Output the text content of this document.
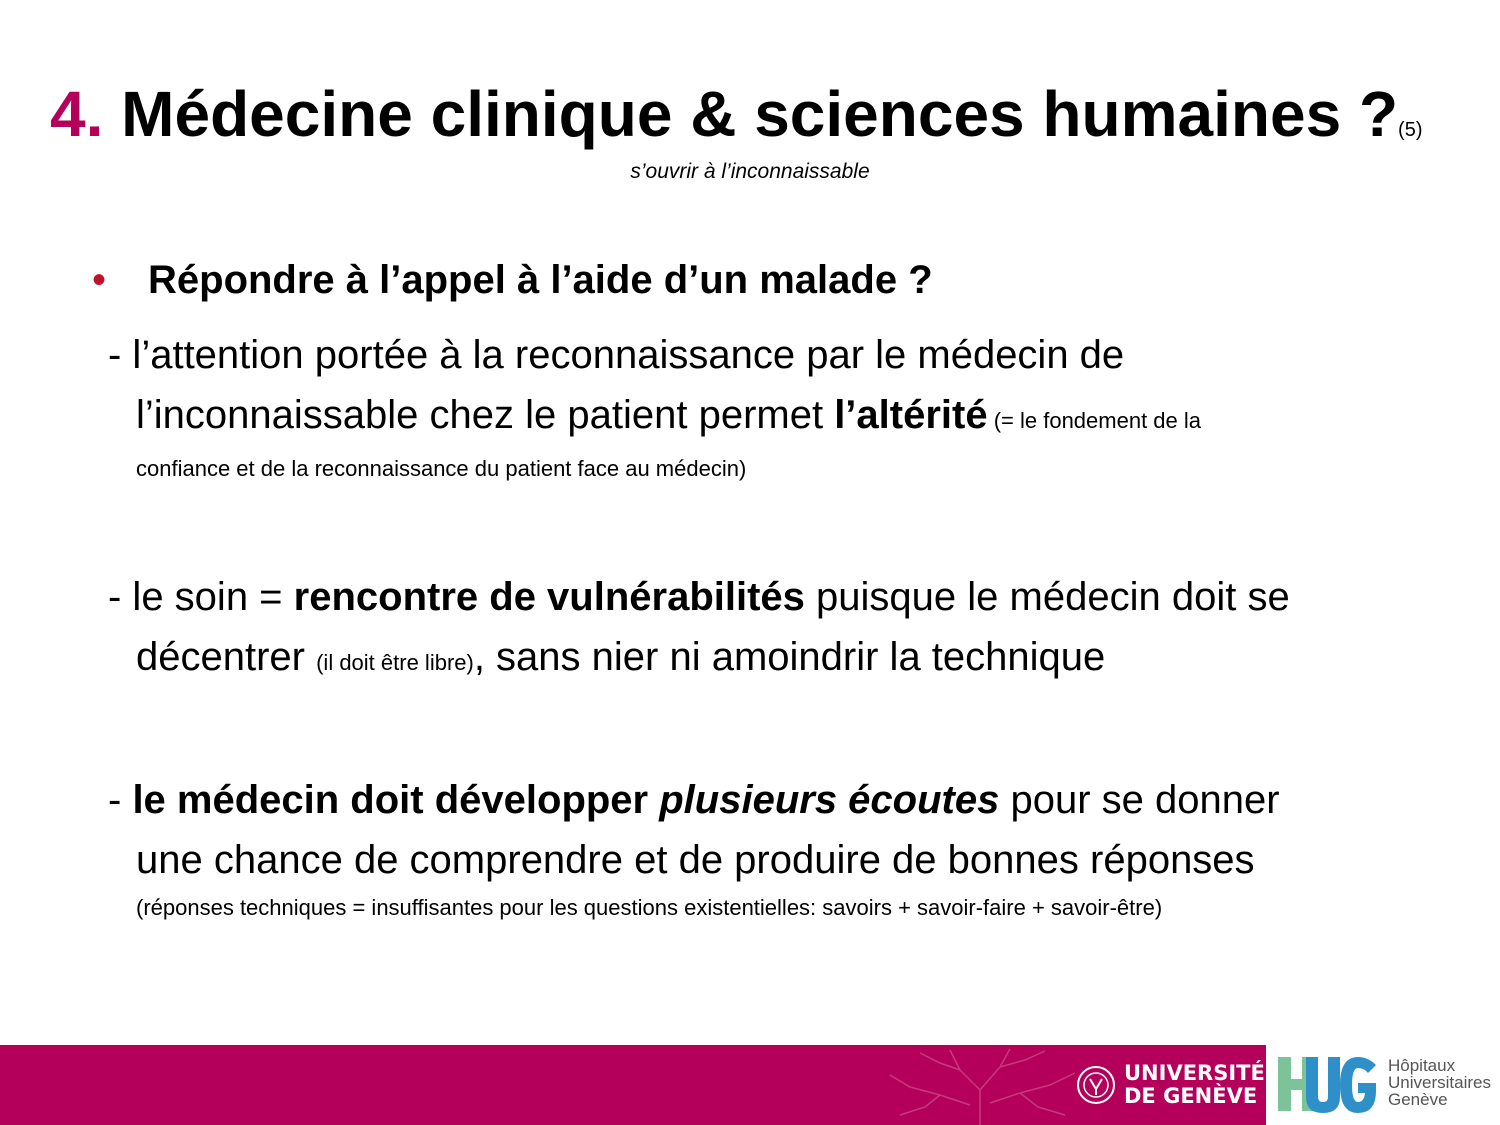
4. Médecine clinique & sciences humaines ?(5)
s’ouvrir à l’inconnaissable
• Répondre à l’appel à l’aide d’un malade ?
- l’attention portée à la reconnaissance par le médecin de
l’inconnaissable chez le patient permet l’altérité (= le fondement de la
confiance et de la reconnaissance du patient face au médecin)
- le soin = rencontre de vulnérabilités puisque le médecin doit se
décentrer (il doit être libre), sans nier ni amoindrir la technique
- le médecin doit développer plusieurs écoutes pour se donner
une chance de comprendre et de produire de bonnes réponses
(réponses techniques = insuffisantes pour les questions existentielles: savoirs + savoir-faire + savoir-être)
UNIVERSITÉ
DE GENÈVE
Hôpitaux
Universitaires
Genève
